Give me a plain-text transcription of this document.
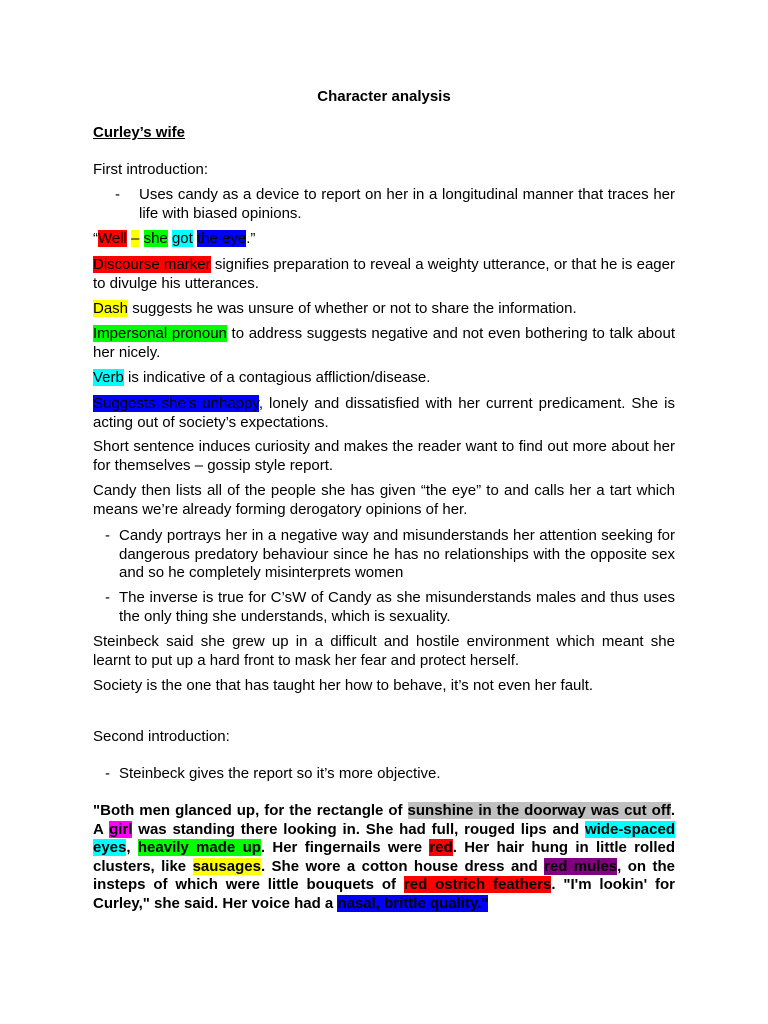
Character analysis

Curley’s wife

First introduction:

-	Uses candy as a device to report on her in a longitudinal manner that traces her life with biased opinions.

“Well – she got the eye.”

Discourse marker signifies preparation to reveal a weighty utterance, or that he is eager to divulge his utterances.

Dash suggests he was unsure of whether or not to share the information.

Impersonal pronoun to address suggests negative and not even bothering to talk about her nicely.

Verb is indicative of a contagious affliction/disease.

Suggests she’s unhappy, lonely and dissatisfied with her current predicament. She is acting out of society’s expectations.

Short sentence induces curiosity and makes the reader want to find out more about her for themselves – gossip style report.

Candy then lists all of the people she has given “the eye” to and calls her a tart which means we’re already forming derogatory opinions of her.

- Candy portrays her in a negative way and misunderstands her attention seeking for dangerous predatory behaviour since he has no relationships with the opposite sex and so he completely misinterprets women

- The inverse is true for C’sW of Candy as she misunderstands males and thus uses the only thing she understands, which is sexuality.

Steinbeck said she grew up in a difficult and hostile environment which meant she learnt to put up a hard front to mask her fear and protect herself.

Society is the one that has taught her how to behave, it’s not even her fault.

Second introduction:

- Steinbeck gives the report so it’s more objective.

"Both men glanced up, for the rectangle of sunshine in the doorway was cut off. A girl was standing there looking in. She had full, rouged lips and wide-spaced eyes, heavily made up. Her fingernails were red. Her hair hung in little rolled clusters, like sausages. She wore a cotton house dress and red mules, on the insteps of which were little bouquets of red ostrich feathers. "I'm lookin' for Curley," she said. Her voice had a nasal, brittle quality."
